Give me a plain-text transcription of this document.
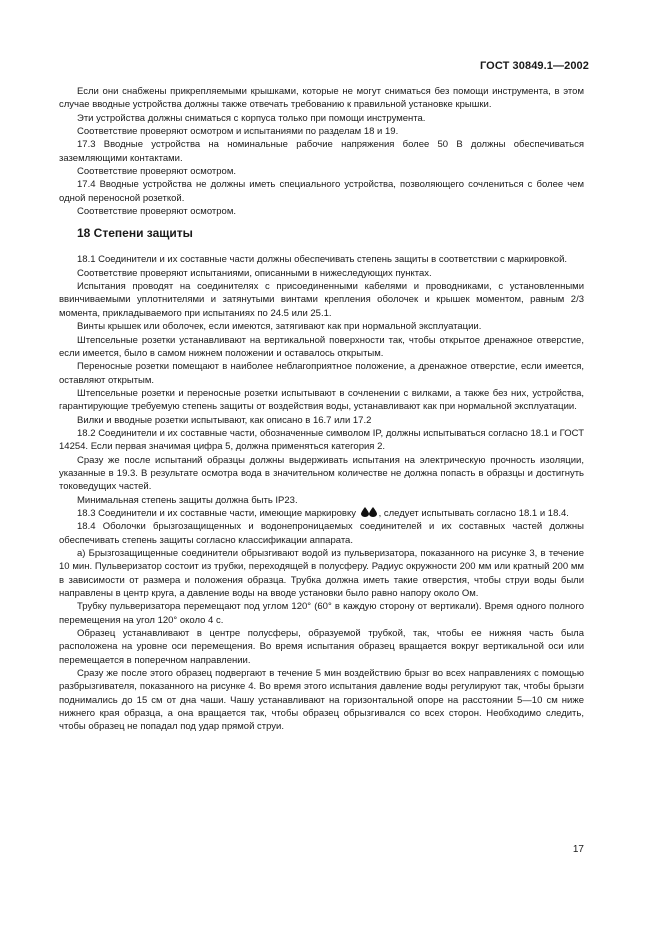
ГОСТ 30849.1—2002

Если они снабжены прикрепляемыми крышками, которые не могут сниматься без помощи инструмента, в этом случае вводные устройства должны также отвечать требованию к правильной установке крышки.

Эти устройства должны сниматься с корпуса только при помощи инструмента.

Соответствие проверяют осмотром и испытаниями по разделам 18 и 19.

17.3 Вводные устройства на номинальные рабочие напряжения более 50 В должны обеспечиваться заземляющими контактами.

Соответствие проверяют осмотром.

17.4 Вводные устройства не должны иметь специального устройства, позволяющего сочлениться с более чем одной переносной розеткой.

Соответствие проверяют осмотром.

18 Степени защиты

18.1 Соединители и их составные части должны обеспечивать степень защиты в соответствии с маркировкой.

Соответствие проверяют испытаниями, описанными в нижеследующих пунктах.

Испытания проводят на соединителях с присоединенными кабелями и проводниками, с установленными ввинчиваемыми уплотнителями и затянутыми винтами крепления оболочек и крышек моментом, равным 2/3 момента, прикладываемого при испытаниях по 24.5 или 25.1.

Винты крышек или оболочек, если имеются, затягивают как при нормальной эксплуатации.

Штепсельные розетки устанавливают на вертикальной поверхности так, чтобы открытое дренажное отверстие, если имеется, было в самом нижнем положении и оставалось открытым.

Переносные розетки помещают в наиболее неблагоприятное положение, а дренажное отверстие, если имеется, оставляют открытым.

Штепсельные розетки и переносные розетки испытывают в сочленении с вилками, а также без них, устройства, гарантирующие требуемую степень защиты от воздействия воды, устанавливают как при нормальной эксплуатации.

Вилки и вводные розетки испытывают, как описано в 16.7 или 17.2

18.2 Соединители и их составные части, обозначенные символом IP, должны испытываться согласно 18.1 и ГОСТ 14254. Если первая значимая цифра 5, должна применяться категория 2.

Сразу же после испытаний образцы должны выдерживать испытания на электрическую прочность изоляции, указанные в 19.3. В результате осмотра вода в значительном количестве не должна попасть в образцы и достигнуть токоведущих частей.

Минимальная степень защиты должна быть IP23.

18.3 Соединители и их составные части, имеющие маркировку , следует испытывать согласно 18.1 и 18.4.

18.4 Оболочки брызгозащищенных и водонепроницаемых соединителей и их составных частей должны обеспечивать степень защиты согласно классификации аппарата.

а) Брызгозащищенные соединители обрызгивают водой из пульверизатора, показанного на рисунке 3, в течение 10 мин. Пульверизатор состоит из трубки, переходящей в полусферу. Радиус окружности 200 мм или кратный 200 мм в зависимости от размера и положения образца. Трубка должна иметь такие отверстия, чтобы струи воды были направлены в центр круга, а давление воды на вводе установки было равно напору около Ом.

Трубку пульверизатора перемещают под углом 120° (60° в каждую сторону от вертикали). Время одного полного перемещения на угол 120° около 4 с.

Образец устанавливают в центре полусферы, образуемой трубкой, так, чтобы ее нижняя часть была расположена на уровне оси перемещения. Во время испытания образец вращается вокруг вертикальной оси или перемещается в поперечном направлении.

Сразу же после этого образец подвергают в течение 5 мин воздействию брызг во всех направлениях с помощью разбрызгивателя, показанного на рисунке 4. Во время этого испытания давление воды регулируют так, чтобы брызги поднимались до 15 см от дна чаши. Чашу устанавливают на горизонтальной опоре на расстоянии 5—10 см ниже нижнего края образца, а она вращается так, чтобы образец обрызгивался со всех сторон. Необходимо следить, чтобы образец не попадал под удар прямой струи.

17
